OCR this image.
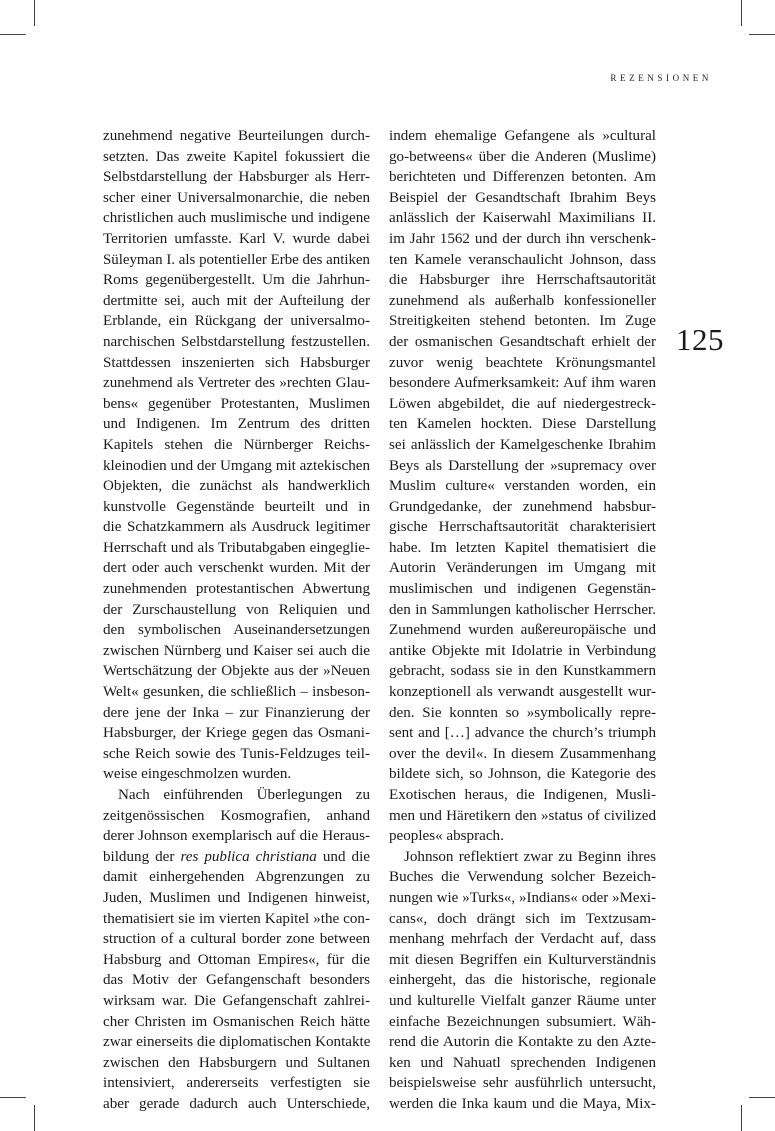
rezensionen
125
zunehmend negative Beurteilungen durch-
setzten. Das zweite Kapitel fokussiert die
Selbstdarstellung der Habsburger als Herr-
scher einer Universalmonarchie, die neben
christlichen auch muslimische und indigene
Territorien umfasste. Karl V. wurde dabei
Süleyman I. als potentieller Erbe des antiken
Roms gegenübergestellt. Um die Jahrhun-
dertmitte sei, auch mit der Aufteilung der
Erblande, ein Rückgang der universalmo-
narchischen Selbstdarstellung festzustellen.
Stattdessen inszenierten sich Habsburger
zunehmend als Vertreter des »rechten Glau-
bens« gegenüber Protestanten, Muslimen
und Indigenen. Im Zentrum des dritten
Kapitels stehen die Nürnberger Reichs-
kleinodien und der Umgang mit aztekischen
Objekten, die zunächst als handwerklich
kunstvolle Gegenstände beurteilt und in
die Schatzkammern als Ausdruck legitimer
Herrschaft und als Tributabgaben eingeglie-
dert oder auch verschenkt wurden. Mit der
zunehmenden protestantischen Abwertung
der Zurschaustellung von Reliquien und
den symbolischen Auseinandersetzungen
zwischen Nürnberg und Kaiser sei auch die
Wertschätzung der Objekte aus der »Neuen
Welt« gesunken, die schließlich – insbeson-
dere jene der Inka – zur Finanzierung der
Habsburger, der Kriege gegen das Osmani-
sche Reich sowie des Tunis-Feldzuges teil-
weise eingeschmolzen wurden.
Nach einführenden Überlegungen zu
zeitgenössischen Kosmografien, anhand
derer Johnson exemplarisch auf die Heraus-
bildung der res publica christiana und die
damit einhergehenden Abgrenzungen zu
Juden, Muslimen und Indigenen hinweist,
thematisiert sie im vierten Kapitel »the con-
struction of a cultural border zone between
Habsburg and Ottoman Empires«, für die
das Motiv der Gefangenschaft besonders
wirksam war. Die Gefangenschaft zahlrei-
cher Christen im Osmanischen Reich hätte
zwar einerseits die diplomatischen Kontakte
zwischen den Habsburgern und Sultanen
intensiviert, andererseits verfestigten sie
aber gerade dadurch auch Unterschiede,
indem ehemalige Gefangene als »cultural
go-betweens« über die Anderen (Muslime)
berichteten und Differenzen betonten. Am
Beispiel der Gesandtschaft Ibrahim Beys
anlässlich der Kaiserwahl Maximilians II.
im Jahr 1562 und der durch ihn verschenk-
ten Kamele veranschaulicht Johnson, dass
die Habsburger ihre Herrschaftsautorität
zunehmend als außerhalb konfessioneller
Streitigkeiten stehend betonten. Im Zuge
der osmanischen Gesandtschaft erhielt der
zuvor wenig beachtete Krönungsmantel
besondere Aufmerksamkeit: Auf ihm waren
Löwen abgebildet, die auf niedergestreck-
ten Kamelen hockten. Diese Darstellung
sei anlässlich der Kamelgeschenke Ibrahim
Beys als Darstellung der »supremacy over
Muslim culture« verstanden worden, ein
Grundgedanke, der zunehmend habsbur-
gische Herrschaftsautorität charakterisiert
habe. Im letzten Kapitel thematisiert die
Autorin Veränderungen im Umgang mit
muslimischen und indigenen Gegenstän-
den in Sammlungen katholischer Herrscher.
Zunehmend wurden außereuropäische und
antike Objekte mit Idolatrie in Verbindung
gebracht, sodass sie in den Kunstkammern
konzeptionell als verwandt ausgestellt wur-
den. Sie konnten so »symbolically repre-
sent and […] advance the church’s triumph
over the devil«. In diesem Zusammenhang
bildete sich, so Johnson, die Kategorie des
Exotischen heraus, die Indigenen, Musli-
men und Häretikern den »status of civilized
peoples« absprach.
Johnson reflektiert zwar zu Beginn ihres
Buches die Verwendung solcher Bezeich-
nungen wie »Turks«, »Indians« oder »Mexi-
cans«, doch drängt sich im Textzusam-
menhang mehrfach der Verdacht auf, dass
mit diesen Begriffen ein Kulturverständnis
einhergeht, das die historische, regionale
und kulturelle Vielfalt ganzer Räume unter
einfache Bezeichnungen subsumiert. Wäh-
rend die Autorin die Kontakte zu den Azte-
ken und Nahuatl sprechenden Indigenen
beispielsweise sehr ausführlich untersucht,
werden die Inka kaum und die Maya, Mix-
